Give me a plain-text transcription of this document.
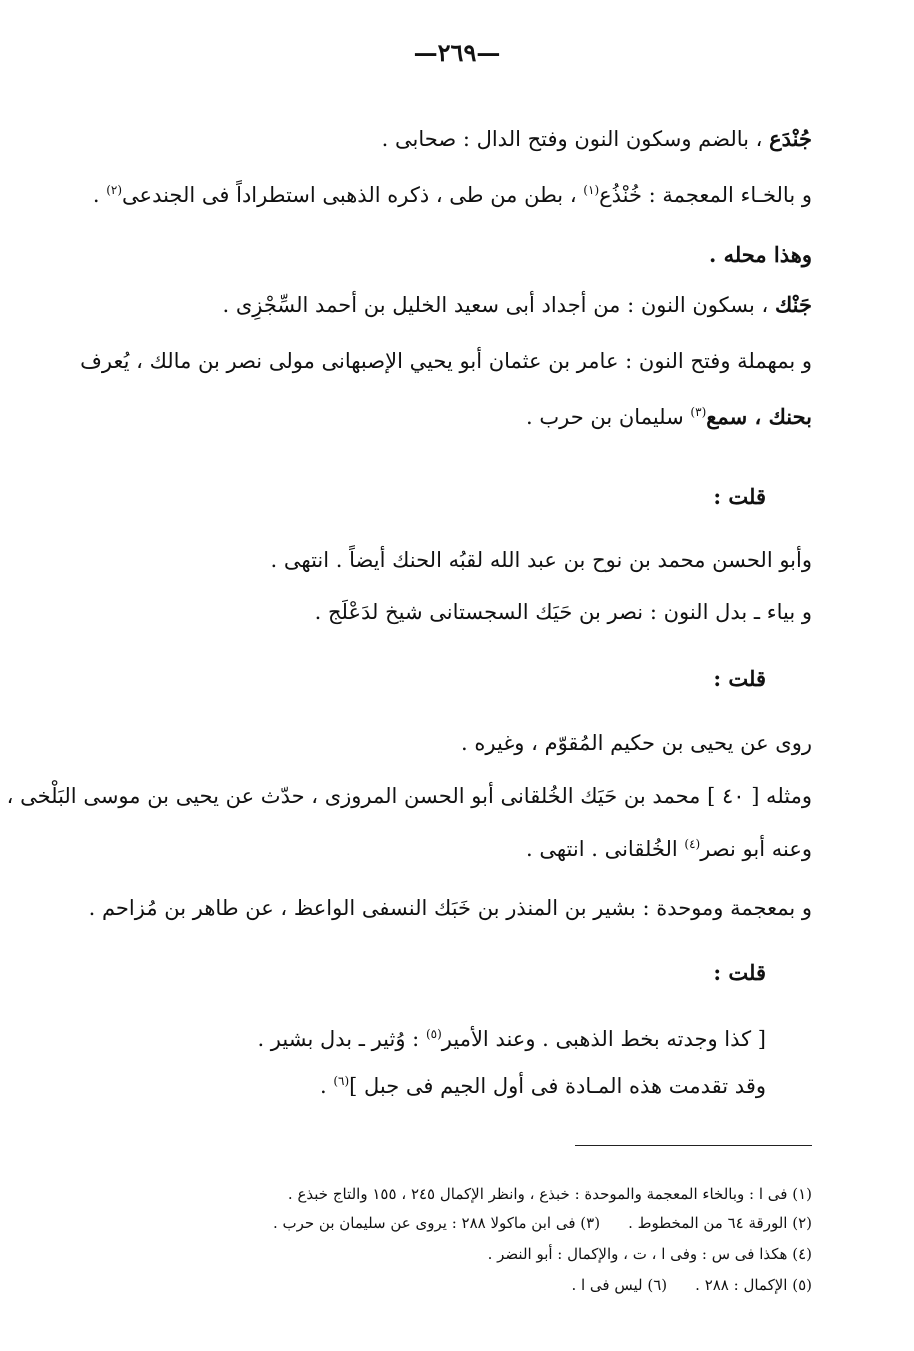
—٢٦٩—
جُنْدَع ، بالضم وسكون النون وفتح الدال : صحابى .
و بالخـاء المعجمة : خُنْذُع$^{(١)}$ ، بطن من طى ، ذكره الذهبى استطراداً فى الجندعى$^{(٢)}$ .
وهذا محله .
جَنْك ، بسكون النون : من أجداد أبى سعيد الخليل بن أحمد السِّجْزِى .
و بمهملة وفتح النون : عامر بن عثمان أبو يحيي الإصبهانى مولى نصر بن مالك ، يُعرف
بحنك ، سمع$^{(٣)}$ سليمان بن حرب .
قلت :
وأبو الحسن محمد بن نوح بن عبد الله لقبُه الحنك أيضاً . انتهى .
و بياء ـ بدل النون : نصر بن حَيَك السجستانى شيخ لدَعْلَج .
قلت :
روى عن يحيى بن حكيم المُقوّم ، وغيره .
ومثله [ ٤٠ ] محمد بن حَيَك الخُلقانى أبو الحسن المروزى ، حدّث عن يحيى بن موسى البَلْخى ،
وعنه أبو نصر$^{(٤)}$ الخُلقانى . انتهى .
و بمعجمة وموحدة : بشير بن المنذر بن خَبَك النسفى الواعظ ، عن طاهر بن مُزاحم .
قلت :
[ كذا وجدته بخط الذهبى . وعند الأمير$^{(٥)}$ : وُثير ـ بدل بشير .
وقد تقدمت هذه المـادة فى أول الجيم فى جبل ]$^{(٦)}$ .
(١) فى ا : وبالخاء المعجمة والموحدة : خبذع ، وانظر الإكمال ٢٤٥ ، ١٥٥ والتاج خبذع .
(٢) الورقة ٦٤ من المخطوط .(٣) فى ابن ماكولا ٢٨٨ : يروى عن سليمان بن حرب .
(٤) هكذا فى س : وفى ا ، ت ، والإكمال : أبو النضر .
(٥) الإكمال : ٢٨٨ .(٦) ليس فى ا .
